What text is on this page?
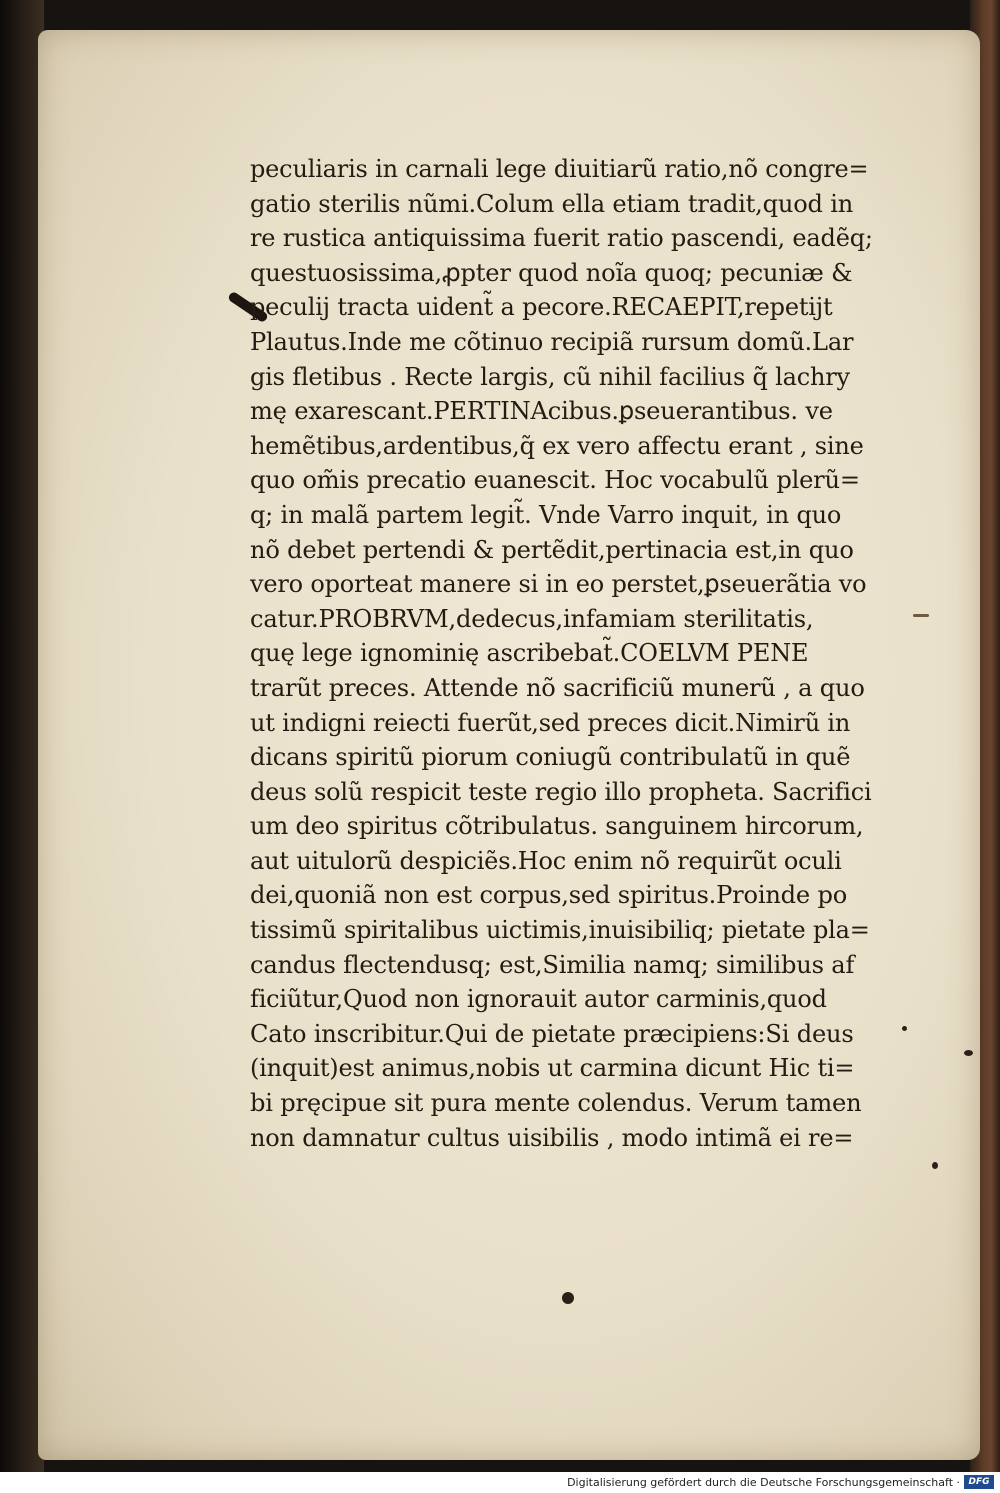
peculiaris in carnali lege diuitiarũ ratio,nõ congre=
gatio sterilis nũmi.Colum ella etiam tradit,quod in
re rustica antiquissima fuerit ratio pascendi, eadẽq;
questuosissima,ꝓpter quod noĩa quoq; pecuniæ &
peculij tracta uident̃ a pecore.RECAEPIT,repetijt
Plautus.Inde me cõtinuo recipiã rursum domũ.Lar
gis fletibus . Recte largis, cũ nihil facilius q̃ lachry
mę exarescant.PERTINAcibus.ꝑseuerantibus. ve
hemẽtibus,ardentibus,q̃ ex vero affectu erant , sine
quo om̃is precatio euanescit. Hoc vocabulũ plerũ=
q; in malã partem legit̃. Vnde Varro inquit, in quo
nõ debet pertendi & pertẽdit,pertinacia est,in quo
vero oporteat manere si in eo perstet,ꝑseuerãtia vo
catur.PROBRVM,dedecus,infamiam sterilitatis,
quę lege ignominię ascribebat̃.COELVM PENE
trarũt preces. Attende nõ sacrificiũ munerũ , a quo
ut indigni reiecti fuerũt,sed preces dicit.Nimirũ in
dicans spiritũ piorum coniugũ contribulatũ in quẽ
deus solũ respicit teste regio illo propheta. Sacrifici
um deo spiritus cõtribulatus. sanguinem hircorum,
aut uitulorũ despiciẽs.Hoc enim nõ requirũt oculi
dei,quoniã non est corpus,sed spiritus.Proinde po
tissimũ spiritalibus uictimis,inuisibiliq; pietate pla=
candus flectendusq; est,Similia namq; similibus af
ficiũtur,Quod non ignorauit autor carminis,quod
Cato inscribitur.Qui de pietate præcipiens:Si deus
(inquit)est animus,nobis ut carmina dicunt Hic ti=
bi pręcipue sit pura mente colendus. Verum tamen
non damnatur cultus uisibilis , modo intimã ei re=
Digitalisierung gefördert durch die Deutsche Forschungsgemeinschaft · DFG
